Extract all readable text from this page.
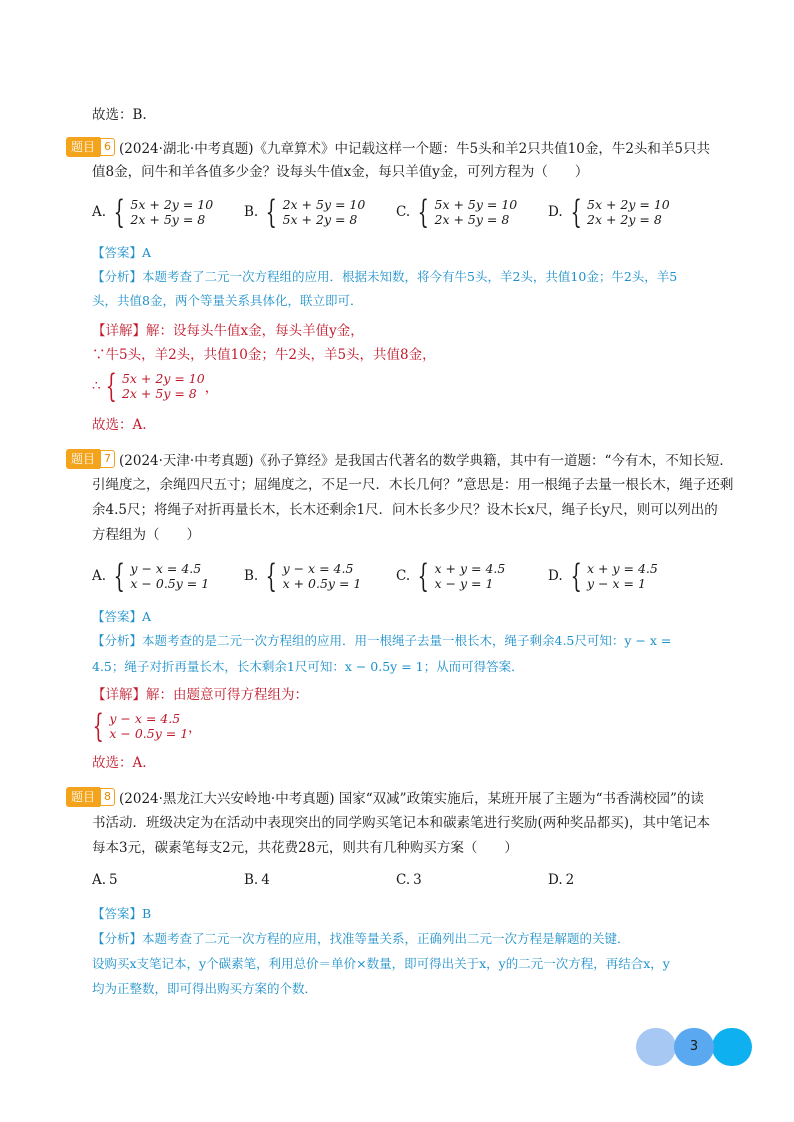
故选：B.
题目 6 (2024·湖北·中考真题)《九章算术》中记载这样一个题：牛5头和羊2只共值10金，牛2头和羊5只共
值8金，问牛和羊各值多少金？设每头牛值x金，每只羊值y金，可列方程为（　　）
A. { 5x + 2y = 10
2x + 5y = 8	B. { 2x + 5y = 10
5x + 2y = 8	C. { 5x + 5y = 10
2x + 5y = 8	D. { 5x + 2y = 10
2x + 2y = 8
【答案】A
【分析】本题考查了二元一次方程组的应用．根据未知数，将今有牛5头，羊2头，共值10金；牛2头，羊5
头，共值8金，两个等量关系具体化，联立即可．
【详解】解：设每头牛值x金，每头羊值y金，
∵牛5头，羊2头，共值10金；牛2头，羊5头，共值8金，
∴ { 5x + 2y = 10
2x + 5y = 8 ，
故选：A.
题目 7 (2024·天津·中考真题)《孙子算经》是我国古代著名的数学典籍，其中有一道题：“今有木，不知长短．
引绳度之，余绳四尺五寸；屈绳度之，不足一尺．木长几何？”意思是：用一根绳子去量一根长木，绳子还剩
余4.5尺；将绳子对折再量长木，长木还剩余1尺．问木长多少尺？设木长x尺，绳子长y尺，则可以列出的
方程组为（　　）
A. { y − x = 4.5
x − 0.5y = 1	B. { y − x = 4.5
x + 0.5y = 1	C. { x + y = 4.5
x − y = 1	D. { x + y = 4.5
y − x = 1
【答案】A
【分析】本题考查的是二元一次方程组的应用．用一根绳子去量一根长木，绳子剩余4.5尺可知：y − x =
4.5；绳子对折再量长木，长木剩余1尺可知：x − 0.5y = 1；从而可得答案．
【详解】解：由题意可得方程组为：
{ y − x = 4.5
x − 0.5y = 1 ，
故选：A.
题目 8 (2024·黑龙江大兴安岭地·中考真题) 国家“双减”政策实施后，某班开展了主题为“书香满校园”的读
书活动．班级决定为在活动中表现突出的同学购买笔记本和碳素笔进行奖励(两种奖品都买)，其中笔记本
每本3元，碳素笔每支2元，共花费28元，则共有几种购买方案（　　）
A. 5	B. 4	C. 3	D. 2
【答案】B
【分析】本题考查了二元一次方程的应用，找准等量关系，正确列出二元一次方程是解题的关键．
设购买x支笔记本，y个碳素笔，利用总价＝单价×数量，即可得出关于x，y的二元一次方程，再结合x，y
均为正整数，即可得出购买方案的个数．
3
